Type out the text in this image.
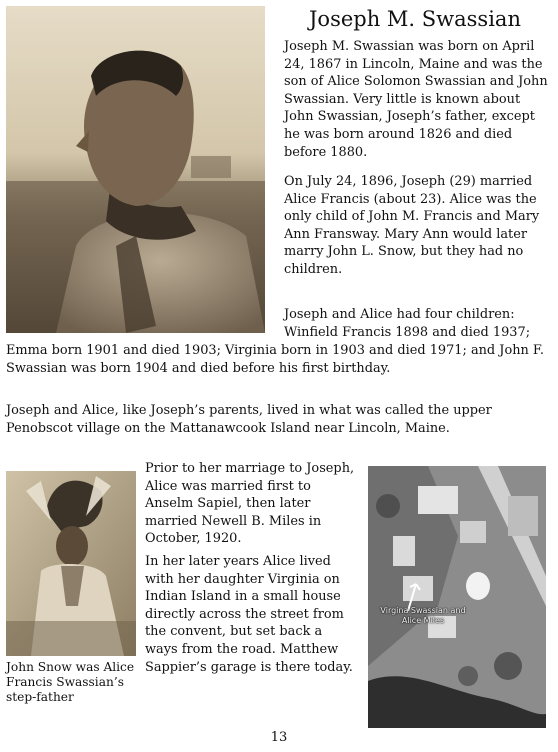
Joseph M. Swassian

Joseph M. Swassian was born on April 24, 1867 in Lincoln, Maine and was the son of Alice Solomon Swassian and John Swassian. Very little is known about John Swassian, Joseph’s father, except he was born around 1826 and died before 1880.

On July 24, 1896, Joseph (29) married Alice Francis (about 23). Alice was the only child of John M. Francis and Mary Ann Fransway. Mary Ann would later marry John L. Snow, but they had no children.

Joseph and Alice had four children: Winfield Francis 1898 and died 1937;

Emma born 1901 and died 1903; Virginia born in 1903 and died 1971; and John F. Swassian was born 1904 and died before his first birthday.

Joseph and Alice, like Joseph’s parents, lived in what was called the upper Penobscot village on the Mattanawcook Island near Lincoln, Maine.

John Snow was Alice Francis Swassian’s step-father

Prior to her marriage to Joseph, Alice was married first to Anselm Sapiel, then later married Newell B. Miles in October, 1920.

In her later years Alice lived with her daughter Virginia on Indian Island in a small house directly across the street from the convent, but set back a ways from the road. Matthew Sappier’s garage is there today.

Virgina Swassian and Alice Miles
13
